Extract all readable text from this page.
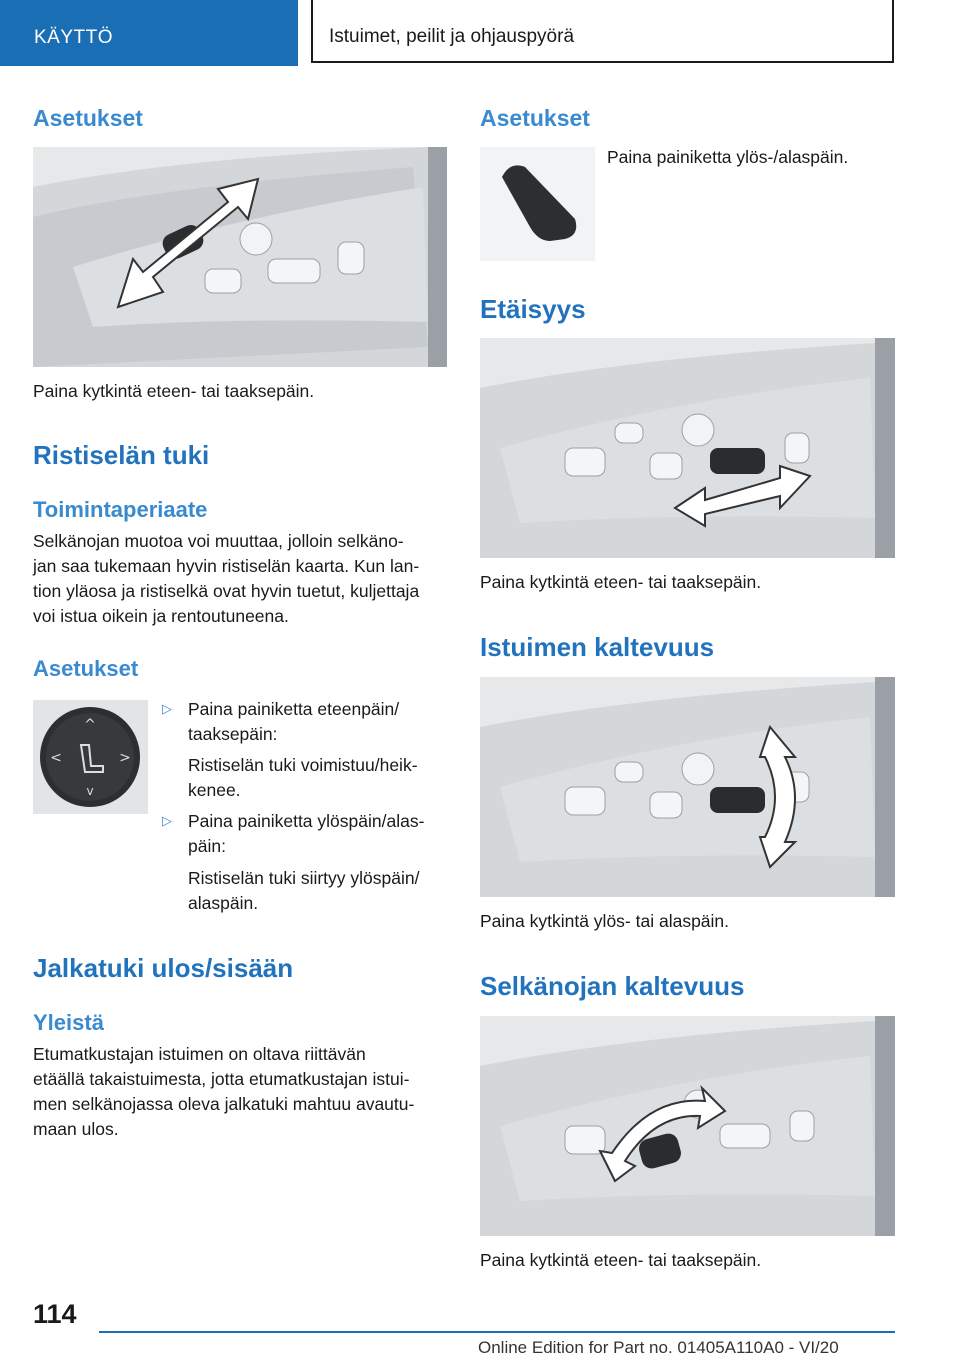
KÄYTTÖ	Istuimet, peilit ja ohjauspyörä
Asetukset
Paina kytkintä eteen- tai taaksepäin.
Ristiselän tuki
Toimintaperiaate
Selkänojan muotoa voi muuttaa, jolloin selkäno-
jan saa tukemaan hyvin ristiselän kaarta. Kun lan-
tion yläosa ja ristiselkä ovat hyvin tuetut, kuljettaja
voi istua oikein ja rentoutuneena.
Asetukset
^
v
<	>
▷ Paina painiketta eteenpäin/
taaksepäin:
Ristiselän tuki voimistuu/heik-
kenee.
▷ Paina painiketta ylöspäin/alas-
päin:
Ristiselän tuki siirtyy ylöspäin/
alaspäin.
Jalkatuki ulos/sisään
Yleistä
Etumatkustajan istuimen on oltava riittävän
etäällä takaistuimesta, jotta etumatkustajan istui-
men selkänojassa oleva jalkatuki mahtuu avautu-
maan ulos.
Asetukset
Paina painiketta ylös-/alaspäin.
Etäisyys
Paina kytkintä eteen- tai taaksepäin.
Istuimen kaltevuus
Paina kytkintä ylös- tai alaspäin.
Selkänojan kaltevuus
Paina kytkintä eteen- tai taaksepäin.
114
Online Edition for Part no. 01405A110A0 - VI/20
